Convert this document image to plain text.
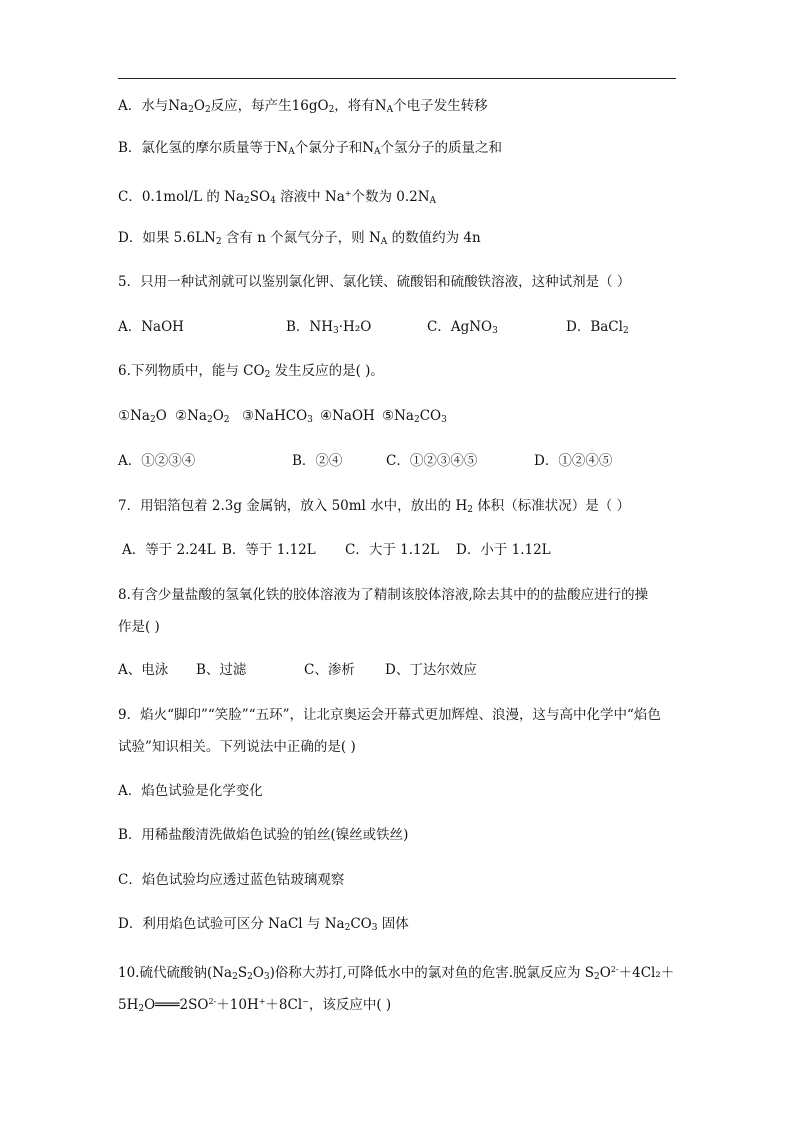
A．水与$Na_2O_2$反应，每产生$16gO_2$，将有$N_A$个电子发生转移
B．氯化氢的摩尔质量等于$N_A$个氯分子和$N_A$个氢分子的质量之和
C．0.1mol/L 的 $Na_2SO_4$ 溶液中 Na+个数为 $0.2N_A$
D．如果 $5.6LN_2$ 含有 n 个氮气分子，则 $N_A$ 的数值约为 4n
5．只用一种试剂就可以鉴别氯化钾、氯化镁、硫酸铝和硫酸铁溶液，这种试剂是（ ）
A．NaOH	B．$NH_3\cdot H_2O$	C．AgNO$_3$	D．BaCl$_2$
6.下列物质中，能与 $CO_2$ 发生反应的是( )。
$①Na_2O$ $②Na_2O_2$ ③NaHCO$_3$ ④NaOH $⑤Na_2CO_3$
A．①②③④	B．②④	C．①②③④⑤	D．①②④⑤
7．用铝箔包着 2.3g 金属钠，放入 50ml 水中，放出的 $H_2$ 体积（标准状况）是（ ）
A．等于 2.24L B．等于 1.12L C．大于 1.12L D．小于 1.12L
8.有含少量盐酸的氢氧化铁的胶体溶液为了精制该胶体溶液,除去其中的的盐酸应进行的操
作是( )
A、电泳 B、过滤	C、渗析 D、丁达尔效应
9．焰火“脚印”“笑脸”“五环”，让北京奥运会开幕式更加辉煌、浪漫，这与高中化学中“焰色
试验”知识相关。下列说法中正确的是( )
A．焰色试验是化学变化
B．用稀盐酸清洗做焰色试验的铂丝(镍丝或铁丝)
C．焰色试验均应透过蓝色钴玻璃观察
D．利用焰色试验可区分 NaCl 与 $Na_2CO_3$ 固体
10.硫代硫酸钠$(Na_2S_2O_3)$俗称大苏打,可降低水中的氯对鱼的危害.脱氯反应为 $S_2O^{2-}+4Cl_2+$
$5H_2O═══2SO^{2-}+10H^++8Cl^-$，该反应中( )
